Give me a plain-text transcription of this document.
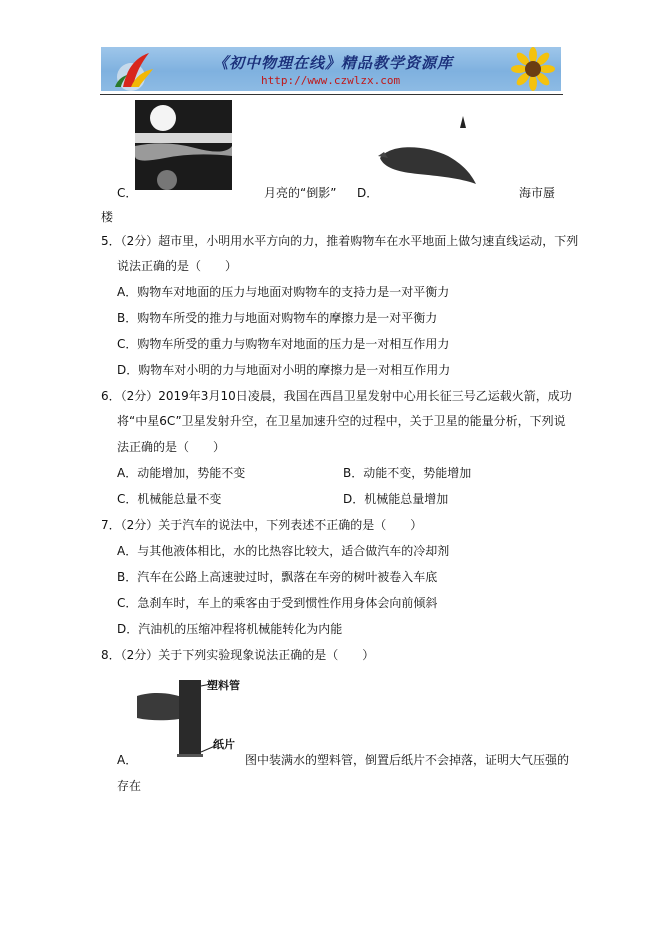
《初中物理在线》精品教学资源库
http://www.czwlzx.com
C．	月亮的“倒影” D．	海市蜃
楼
5．（2分）超市里，小明用水平方向的力，推着购物车在水平地面上做匀速直线运动，下列
说法正确的是（　　）
A．购物车对地面的压力与地面对购物车的支持力是一对平衡力
B．购物车所受的推力与地面对购物车的摩擦力是一对平衡力
C．购物车所受的重力与购物车对地面的压力是一对相互作用力
D．购物车对小明的力与地面对小明的摩擦力是一对相互作用力
6．（2分）2019年3月10日凌晨，我国在西昌卫星发射中心用长征三号乙运载火箭，成功
将“中星6C”卫星发射升空，在卫星加速升空的过程中，关于卫星的能量分析，下列说
法正确的是（　　）
A．动能增加，势能不变	B．动能不变，势能增加
C．机械能总量不变	D．机械能总量增加
7．（2分）关于汽车的说法中，下列表述不正确的是（　　）
A．与其他液体相比，水的比热容比较大，适合做汽车的冷却剂
B．汽车在公路上高速驶过时，飘落在车旁的树叶被卷入车底
C．急刹车时，车上的乘客由于受到惯性作用身体会向前倾斜
D．汽油机的压缩冲程将机械能转化为内能
8．（2分）关于下列实验现象说法正确的是（　　）
塑料管
纸片
A．	图中装满水的塑料管，倒置后纸片不会掉落，证明大气压强的
存在
